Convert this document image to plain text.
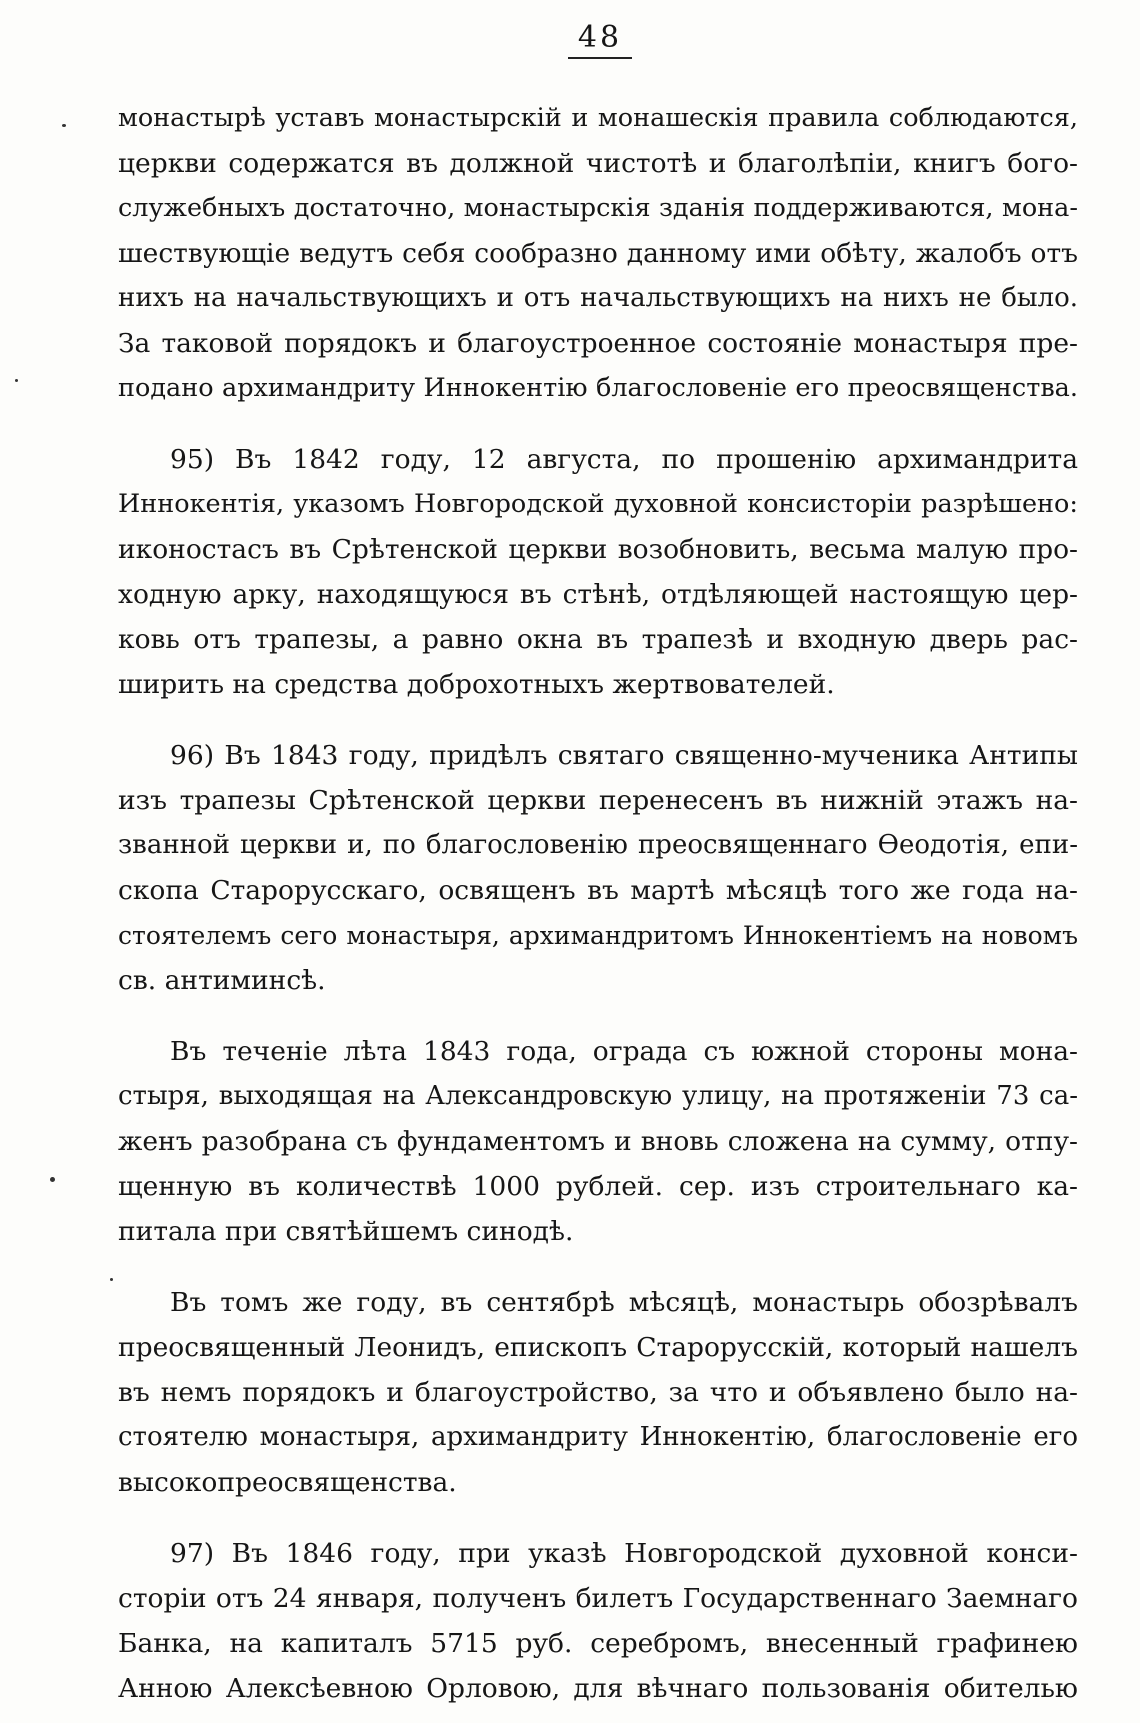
48
монастырѣ уставъ монастырскій и монашескія правила соблюдаются,
церкви содержатся въ должной чистотѣ и благолѣпіи, книгъ бого-
служебныхъ достаточно, монастырскія зданія поддерживаются, мона-
шествующіе ведутъ себя сообразно данному ими обѣту, жалобъ отъ
нихъ на начальствующихъ и отъ начальствующихъ на нихъ не было.
За таковой порядокъ и благоустроенное состояніе монастыря пре-
подано архимандриту Иннокентію благословеніе его преосвященства.
95) Въ 1842 году, 12 августа, по прошенію архимандрита
Иннокентія, указомъ Новгородской духовной консисторіи разрѣшено:
иконостасъ въ Срѣтенской церкви возобновить, весьма малую про-
ходную арку, находящуюся въ стѣнѣ, отдѣляющей настоящую цер-
ковь отъ трапезы, а равно окна въ трапезѣ и входную дверь рас-
ширить на средства доброхотныхъ жертвователей.
96) Въ 1843 году, придѣлъ святаго священно-мученика Антипы
изъ трапезы Срѣтенской церкви перенесенъ въ нижній этажъ на-
званной церкви и, по благословенію преосвященнаго Ѳеодотія, епи-
скопа Старорусскаго, освященъ въ мартѣ мѣсяцѣ того же года на-
стоятелемъ сего монастыря, архимандритомъ Иннокентіемъ на новомъ
св. антиминсѣ.
Въ теченіе лѣта 1843 года, ограда съ южной стороны мона-
стыря, выходящая на Александровскую улицу, на протяженіи 73 са-
женъ разобрана съ фундаментомъ и вновь сложена на сумму, отпу-
щенную въ количествѣ 1000 рублей. сер. изъ строительнаго ка-
питала при святѣйшемъ синодѣ.
Въ томъ же году, въ сентябрѣ мѣсяцѣ, монастырь обозрѣвалъ
преосвященный Леонидъ, епископъ Старорусскій, который нашелъ
въ немъ порядокъ и благоустройство, за что и объявлено было на-
стоятелю монастыря, архимандриту Иннокентію, благословеніе его
высокопреосвященства.
97) Въ 1846 году, при указѣ Новгородской духовной конси-
сторіи отъ 24 января, полученъ билетъ Государственнаго Заемнаго
Банка, на капиталъ 5715 руб. серебромъ, внесенный графинею
Анною Алексѣевною Орловою, для вѣчнаго пользованія обителью
